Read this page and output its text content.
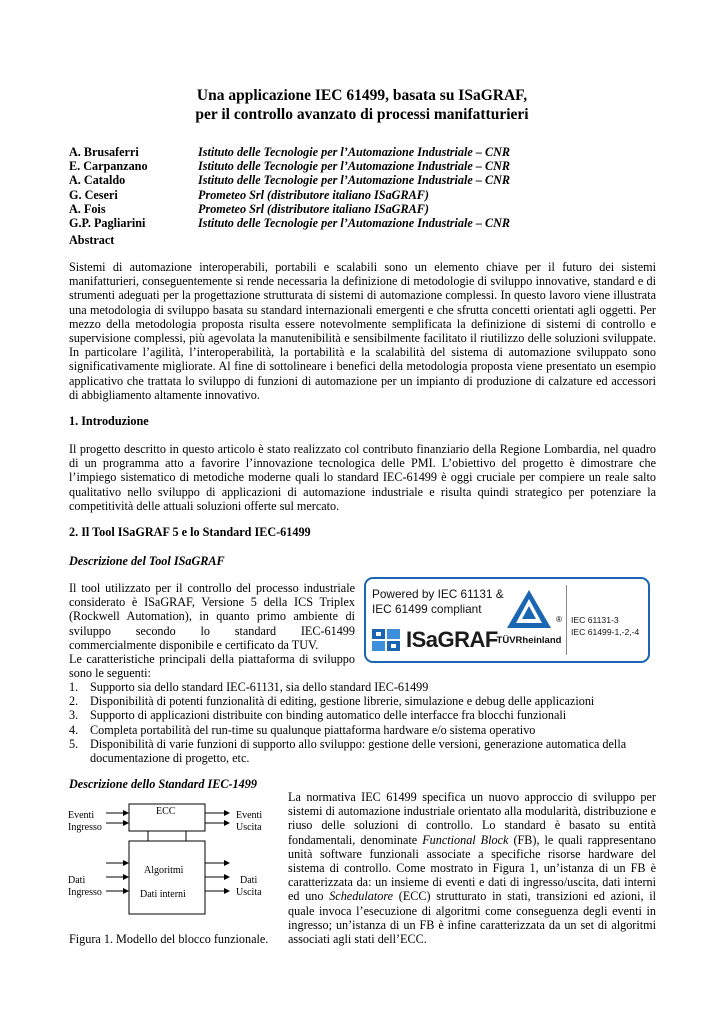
Una applicazione IEC 61499, basata su ISaGRAF,
per il controllo avanzato di processi manifatturieri
A. Brusaferri	Istituto delle Tecnologie per l’Automazione Industriale – CNR
E. Carpanzano	Istituto delle Tecnologie per l’Automazione Industriale – CNR
A. Cataldo	Istituto delle Tecnologie per l’Automazione Industriale – CNR
G. Ceseri	Prometeo Srl (distributore italiano ISaGRAF)
A. Fois	Prometeo Srl (distributore italiano ISaGRAF)
G.P. Pagliarini	Istituto delle Tecnologie per l’Automazione Industriale – CNR
Abstract
Sistemi di automazione interoperabili, portabili e scalabili sono un elemento chiave per il futuro dei sistemi manifatturieri, conseguentemente si rende necessaria la definizione di metodologie di sviluppo innovative, standard e di strumenti adeguati per la progettazione strutturata di sistemi di automazione complessi. In questo lavoro viene illustrata una metodologia di sviluppo basata su standard internazionali emergenti e che sfrutta concetti orientati agli oggetti. Per mezzo della metodologia proposta risulta essere notevolmente semplificata la definizione di sistemi di controllo e supervisione complessi, più agevolata la manutenibilità e sensibilmente facilitato il riutilizzo delle soluzioni sviluppate. In particolare l’agilità, l’interoperabilità, la portabilità e la scalabilità del sistema di automazione sviluppato sono significativamente migliorate. Al fine di sottolineare i benefici della metodologia proposta viene presentato un esempio applicativo che trattata lo sviluppo di funzioni di automazione per un impianto di produzione di calzature ed accessori di abbigliamento altamente innovativo.
1. Introduzione
Il progetto descritto in questo articolo è stato realizzato col contributo finanziario della Regione Lombardia, nel quadro di un programma atto a favorire l’innovazione tecnologica delle PMI. L’obiettivo del progetto è dimostrare che l’impiego sistematico di metodiche moderne quali lo standard IEC-61499 è oggi cruciale per compiere un reale salto qualitativo nello sviluppo di applicazioni di automazione industriale e risulta quindi strategico per potenziare la competitività delle attuali soluzioni offerte sul mercato.
2. Il Tool ISaGRAF 5 e lo Standard IEC-61499
Descrizione del Tool ISaGRAF
Il tool utilizzato per il controllo del processo industriale considerato è ISaGRAF, Versione 5 della ICS Triplex (Rockwell Automation), in quanto primo ambiente di sviluppo secondo lo standard IEC-61499 commercialmente disponibile e certificato da TUV.
Le caratteristiche principali della piattaforma di sviluppo sono le seguenti:
Powered by IEC 61131 &
IEC 61499 compliant
ISaGRAF
TÜVRheinland
® IEC 61131-3
IEC 61499-1,-2,-4
1. Supporto sia dello standard IEC-61131, sia dello standard IEC-61499
2. Disponibilità di potenti funzionalità di editing, gestione librerie, simulazione e debug delle applicazioni
3. Supporto di applicazioni distribuite con binding automatico delle interfacce fra blocchi funzionali
4. Completa portabilità del run-time su qualunque piattaforma hardware e/o sistema operativo
5. Disponibilità di varie funzioni di supporto allo sviluppo: gestione delle versioni, generazione automatica della documentazione di progetto, etc.
Descrizione dello Standard IEC-1499
ECC
Eventi
Ingresso
Eventi
Uscita
Algoritmi
Dati interni
Dati
Ingresso
Dati
Uscita
Figura 1. Modello del blocco funzionale.
La normativa IEC 61499 specifica un nuovo approccio di sviluppo per sistemi di automazione industriale orientato alla modularità, distribuzione e riuso delle soluzioni di controllo. Lo standard è basato su entità fondamentali, denominate Functional Block (FB), le quali rappresentano unità software funzionali associate a specifiche risorse hardware del sistema di controllo. Come mostrato in Figura 1, un’istanza di un FB è caratterizzata da: un insieme di eventi e dati di ingresso/uscita, dati interni ed uno Schedulatore (ECC) strutturato in stati, transizioni ed azioni, il quale invoca l’esecuzione di algoritmi come conseguenza degli eventi in ingresso; un’istanza di un FB è infine caratterizzata da un set di algoritmi associati agli stati dell’ECC.
